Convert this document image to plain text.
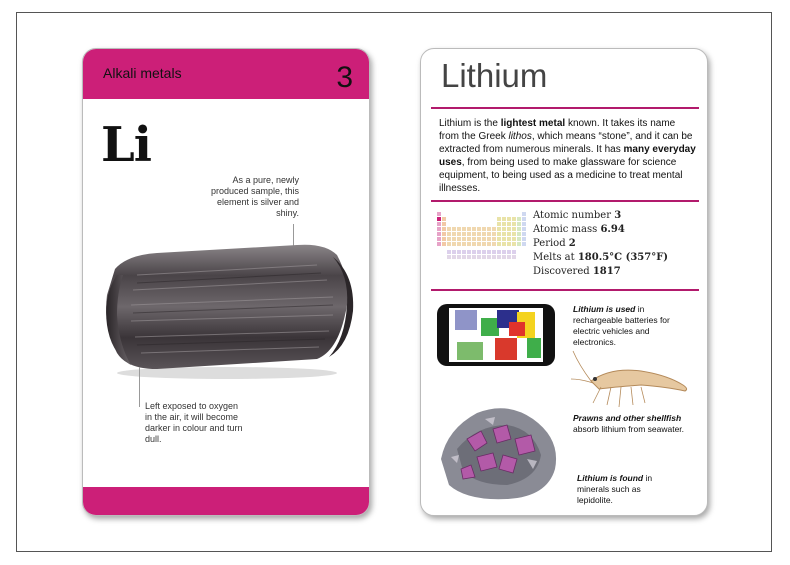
Alkali metals	3
Li
As a pure, newly produced sample, this element is silver and shiny.
Left exposed to oxygen in the air, it will become darker in colour and turn dull.
Lithium
Lithium is the lightest metal known. It takes its name from the Greek lithos, which means “stone”, and it can be extracted from numerous minerals. It has many everyday uses, from being used to make glassware for science equipment, to being used as a medicine to treat mental illnesses.
Atomic number 3
Atomic mass 6.94
Period 2
Melts at 180.5°C (357°F)
Discovered 1817
Lithium is used in rechargeable batteries for electric vehicles and electronics.
Prawns and other shellfish absorb lithium from seawater.
Lithium is found in minerals such as lepidolite.
